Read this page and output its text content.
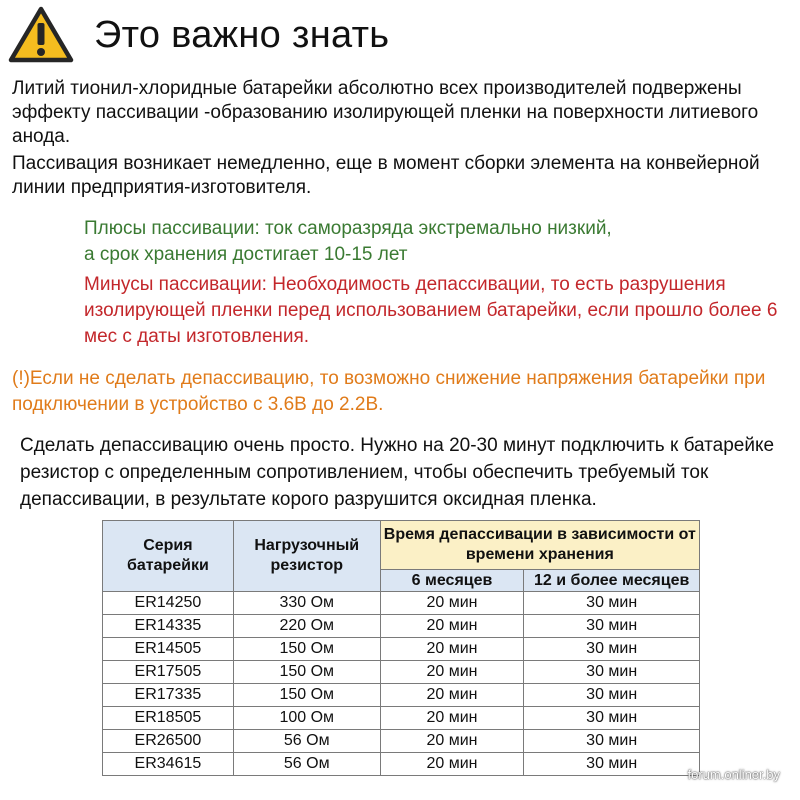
Это важно знать

Литий тионил-хлоридные батарейки абсолютно всех производителей подвержены эффекту пассивации -образованию изолирующей пленки на поверхности литиевого анода.

Пассивация возникает немедленно, еще в момент сборки элемента на конвейерной линии предприятия-изготовителя.

Плюсы пассивации: ток саморазряда экстремально низкий,
а срок хранения достигает 10-15 лет

Минусы пассивации: Необходимость депассивации, то есть разрушения изолирующей пленки перед использованием батарейки, если прошло более 6 мес с даты изготовления.

(!)Если не сделать депассивацию, то возможно снижение напряжения батарейки при подключении в устройство с 3.6В до 2.2В.

Сделать депассивацию очень просто. Нужно на 20-30 минут подключить к батарейке резистор с определенным сопротивлением, чтобы обеспечить требуемый ток депассивации, в результате корого разрушится оксидная пленка.

Серия батарейки	Нагрузочный резистор	Время депассивации в зависимости от времени хранения	
		6 месяцев	12 и более месяцев
ER14250	330 Ом	20 мин	30 мин
ER14335	220 Ом	20 мин	30 мин
ER14505	150 Ом	20 мин	30 мин
ER17505	150 Ом	20 мин	30 мин
ER17335	150 Ом	20 мин	30 мин
ER18505	100 Ом	20 мин	30 мин
ER26500	56 Ом	20 мин	30 мин
ER34615	56 Ом	20 мин	30 мин
forum.onliner.by
